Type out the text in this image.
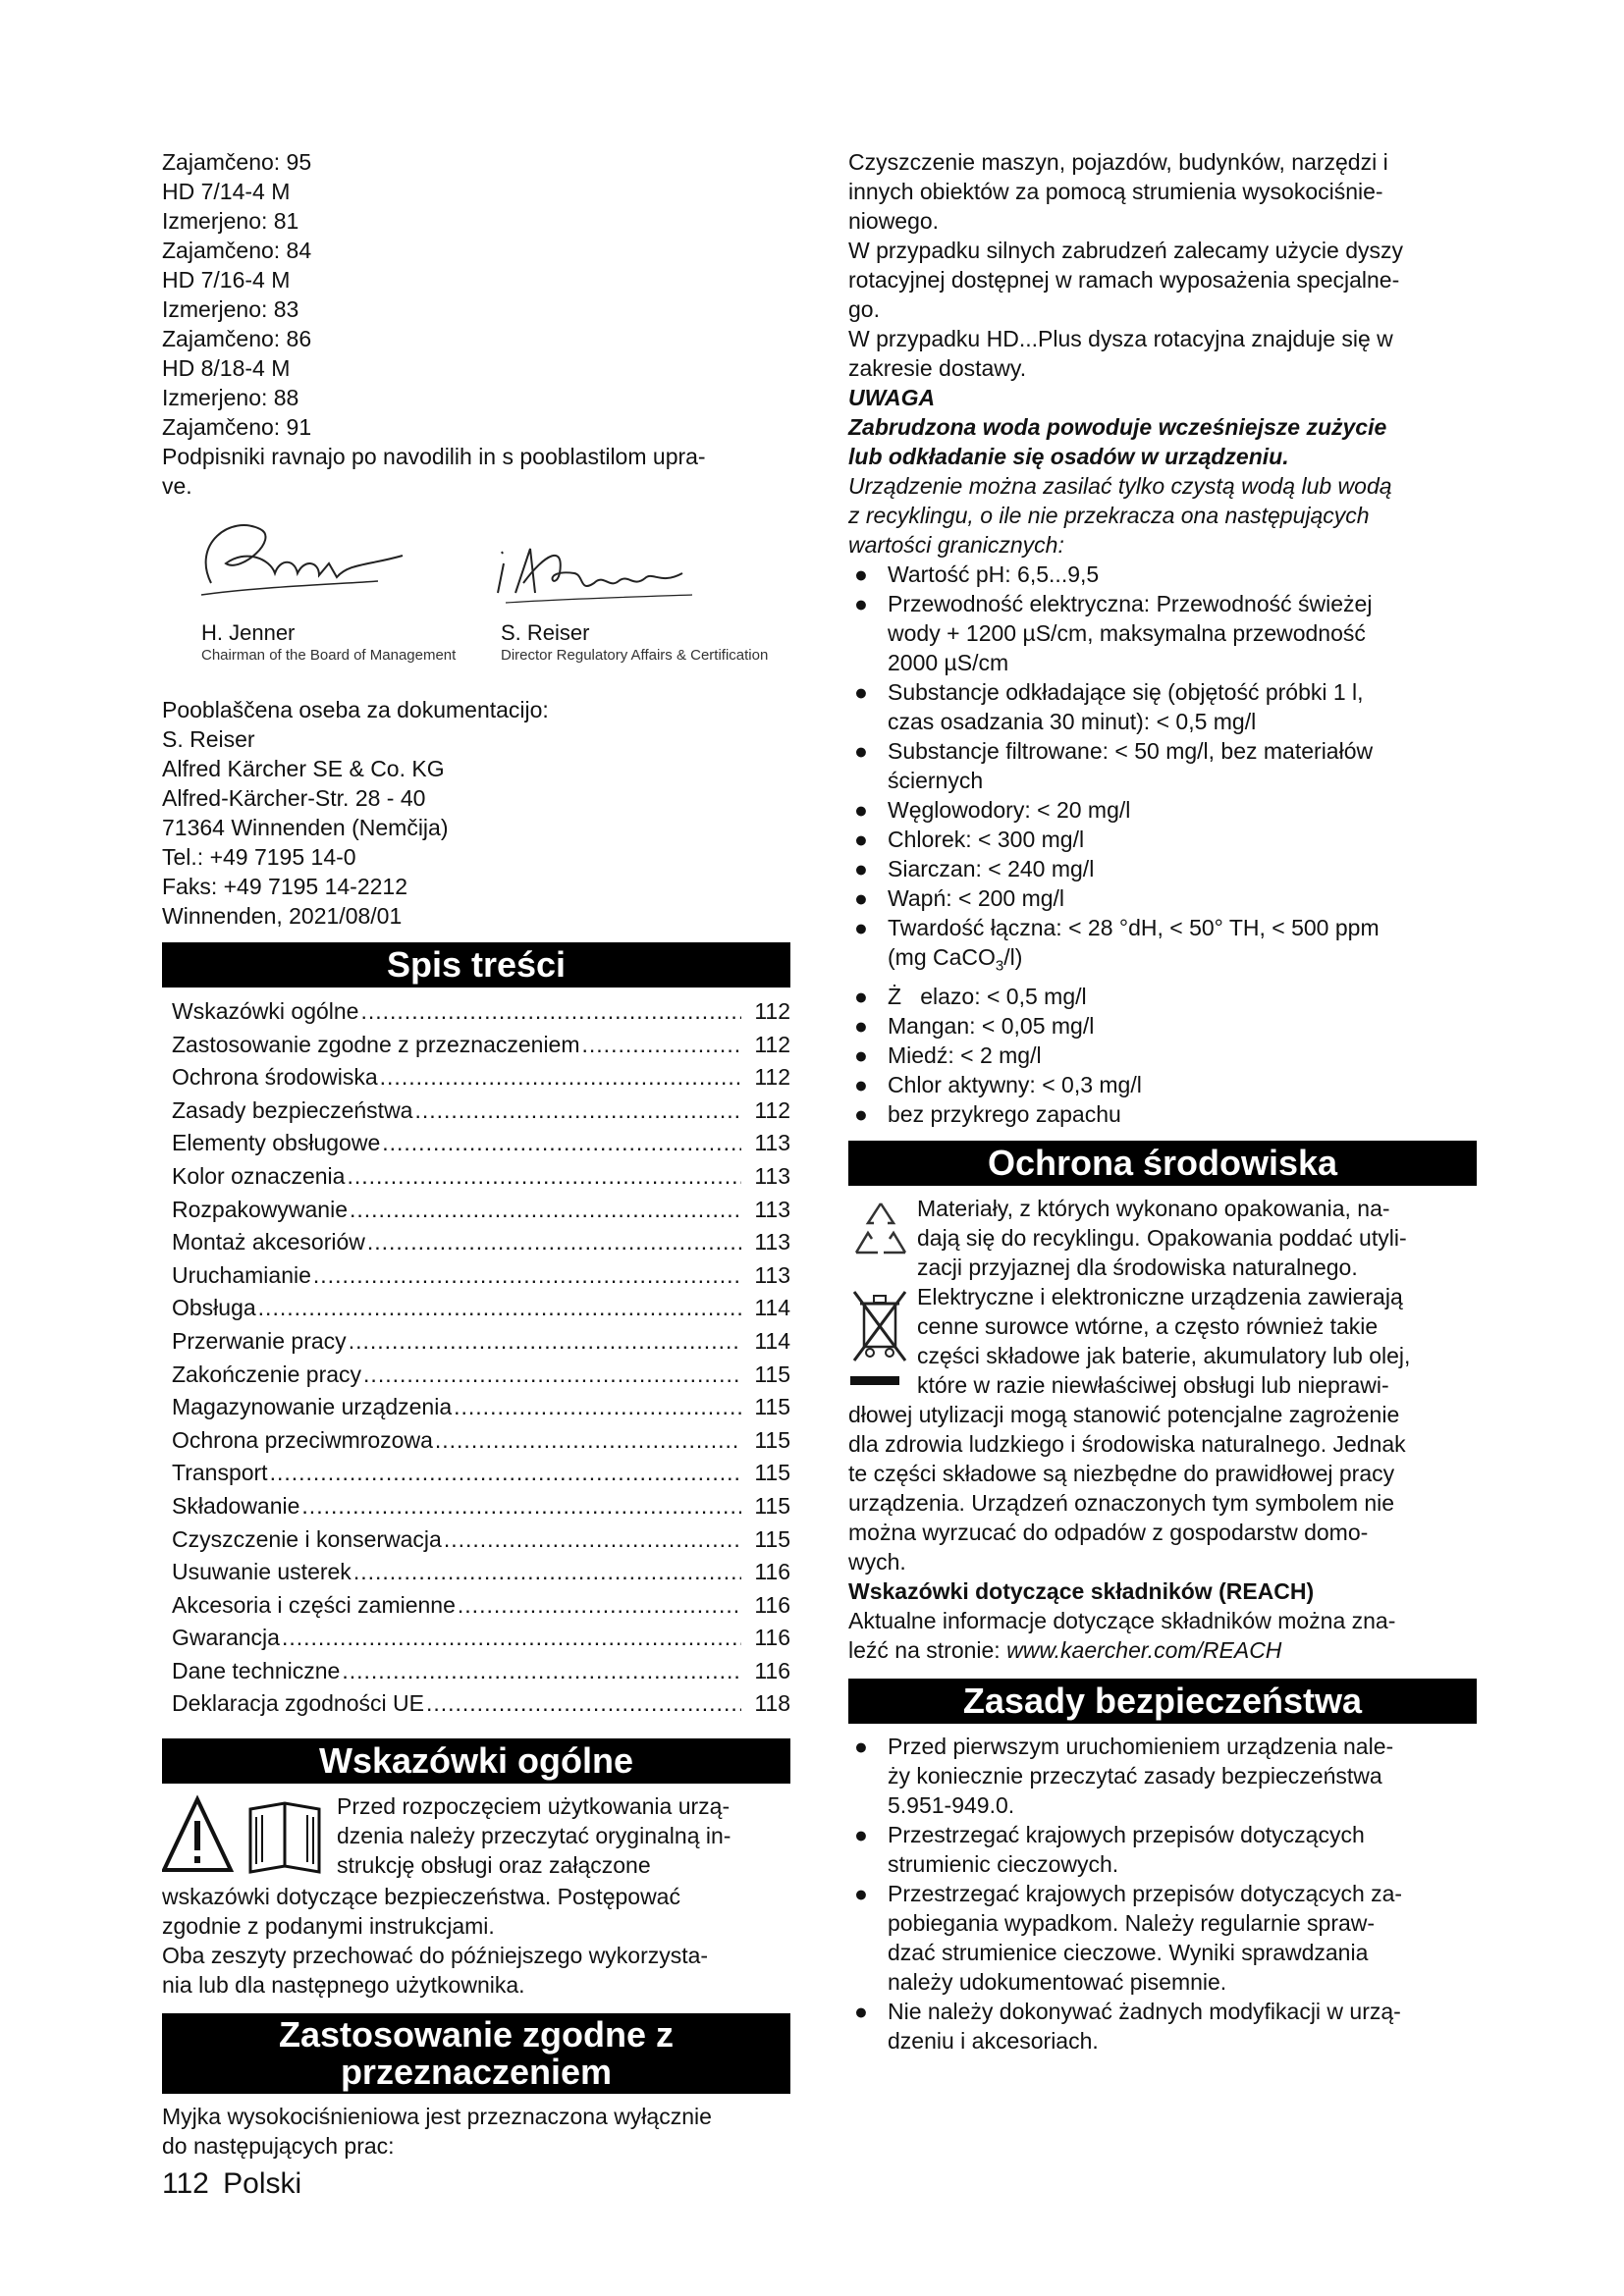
Zajamčeno: 95

HD 7/14-4 M

Izmerjeno: 81

Zajamčeno: 84

HD 7/16-4 M

Izmerjeno: 83

Zajamčeno: 86

HD 8/18-4 M

Izmerjeno: 88

Zajamčeno: 91

Podpisniki ravnajo po navodilih in s pooblastilom upra-

ve.

H. Jenner
Chairman of the Board of Management
S. Reiser
Director Regulatory Affairs & Certification

Pooblaščena oseba za dokumentacijo:

S. Reiser

Alfred Kärcher SE & Co. KG

Alfred-Kärcher-Str. 28 - 40

71364 Winnenden (Nemčija)

Tel.: +49 7195 14-0

Faks: +49 7195 14-2212

Winnenden, 2021/08/01

Spis treści
Wskazówki ogólne .....	112
Zastosowanie zgodne z przeznaczeniem .....	112
Ochrona środowiska .....	112
Zasady bezpieczeństwa .....	112
Elementy obsługowe .....	113
Kolor oznaczenia .....	113
Rozpakowywanie .....	113
Montaż akcesoriów .....	113
Uruchamianie .....	113
Obsługa .....	114
Przerwanie pracy .....	114
Zakończenie pracy .....	115
Magazynowanie urządzenia .....	115
Ochrona przeciwmrozowa .....	115
Transport .....	115
Składowanie .....	115
Czyszczenie i konserwacja .....	115
Usuwanie usterek .....	116
Akcesoria i części zamienne .....	116
Gwarancja .....	116
Dane techniczne .....	116
Deklaracja zgodności UE .....	118
Wskazówki ogólne

Przed rozpoczęciem użytkowania urzą-

dzenia należy przeczytać oryginalną in-

strukcję obsługi oraz załączone

wskazówki dotyczące bezpieczeństwa. Postępować

zgodnie z podanymi instrukcjami.

Oba zeszyty przechować do późniejszego wykorzysta-

nia lub dla następnego użytkownika.

Zastosowanie zgodne z
przeznaczeniem

Myjka wysokociśnieniowa jest przeznaczona wyłącznie

do następujących prac:

Czyszczenie maszyn, pojazdów, budynków, narzędzi i

innych obiektów za pomocą strumienia wysokociśnie-

niowego.

W przypadku silnych zabrudzeń zalecamy użycie dyszy

rotacyjnej dostępnej w ramach wyposażenia specjalne-

go.

W przypadku HD...Plus dysza rotacyjna znajduje się w

zakresie dostawy.

UWAGA

Zabrudzona woda powoduje wcześniejsze zużycie

lub odkładanie się osadów w urządzeniu.

Urządzenie można zasilać tylko czystą wodą lub wodą

z recyklingu, o ile nie przekracza ona następujących

wartości granicznych:

● Wartość pH: 6,5...9,5
● Przewodność elektryczna: Przewodność świeżej
wody + 1200 µS/cm, maksymalna przewodność
2000 µS/cm
● Substancje odkładające się (objętość próbki 1 l,
czas osadzania 30 minut): < 0,5 mg/l
● Substancje filtrowane: < 50 mg/l, bez materiałów
ściernych
● Węglowodory: < 20 mg/l
● Chlorek: < 300 mg/l
● Siarczan: < 240 mg/l
● Wapń: < 200 mg/l
● Twardość łączna: < 28 °dH, < 50° TH, < 500 ppm
(mg CaCO$_3$/l)
● Ż   elazo: < 0,5 mg/l
● Mangan: < 0,05 mg/l
● Miedź: < 2 mg/l
● Chlor aktywny: < 0,3 mg/l
● bez przykrego zapachu
Ochrona środowiska

Materiały, z których wykonano opakowania, na-

dają się do recyklingu. Opakowania poddać utyli-

zacji przyjaznej dla środowiska naturalnego.

Elektryczne i elektroniczne urządzenia zawierają

cenne surowce wtórne, a często również takie

części składowe jak baterie, akumulatory lub olej,

które w razie niewłaściwej obsługi lub nieprawi-

dłowej utylizacji mogą stanowić potencjalne zagrożenie

dla zdrowia ludzkiego i środowiska naturalnego. Jednak

te części składowe są niezbędne do prawidłowej pracy

urządzenia. Urządzeń oznaczonych tym symbolem nie

można wyrzucać do odpadów z gospodarstw domo-

wych.

Wskazówki dotyczące składników (REACH)

Aktualne informacje dotyczące składników można zna-

leźć na stronie: www.kaercher.com/REACH

Zasady bezpieczeństwa
● Przed pierwszym uruchomieniem urządzenia nale-
ży koniecznie przeczytać zasady bezpieczeństwa
5.951-949.0.
● Przestrzegać krajowych przepisów dotyczących
strumienic cieczowych.
● Przestrzegać krajowych przepisów dotyczących za-
pobiegania wypadkom. Należy regularnie spraw-
dzać strumienice cieczowe. Wyniki sprawdzania
należy udokumentować pisemnie.
● Nie należy dokonywać żadnych modyfikacji w urzą-
dzeniu i akcesoriach.
112 Polski
